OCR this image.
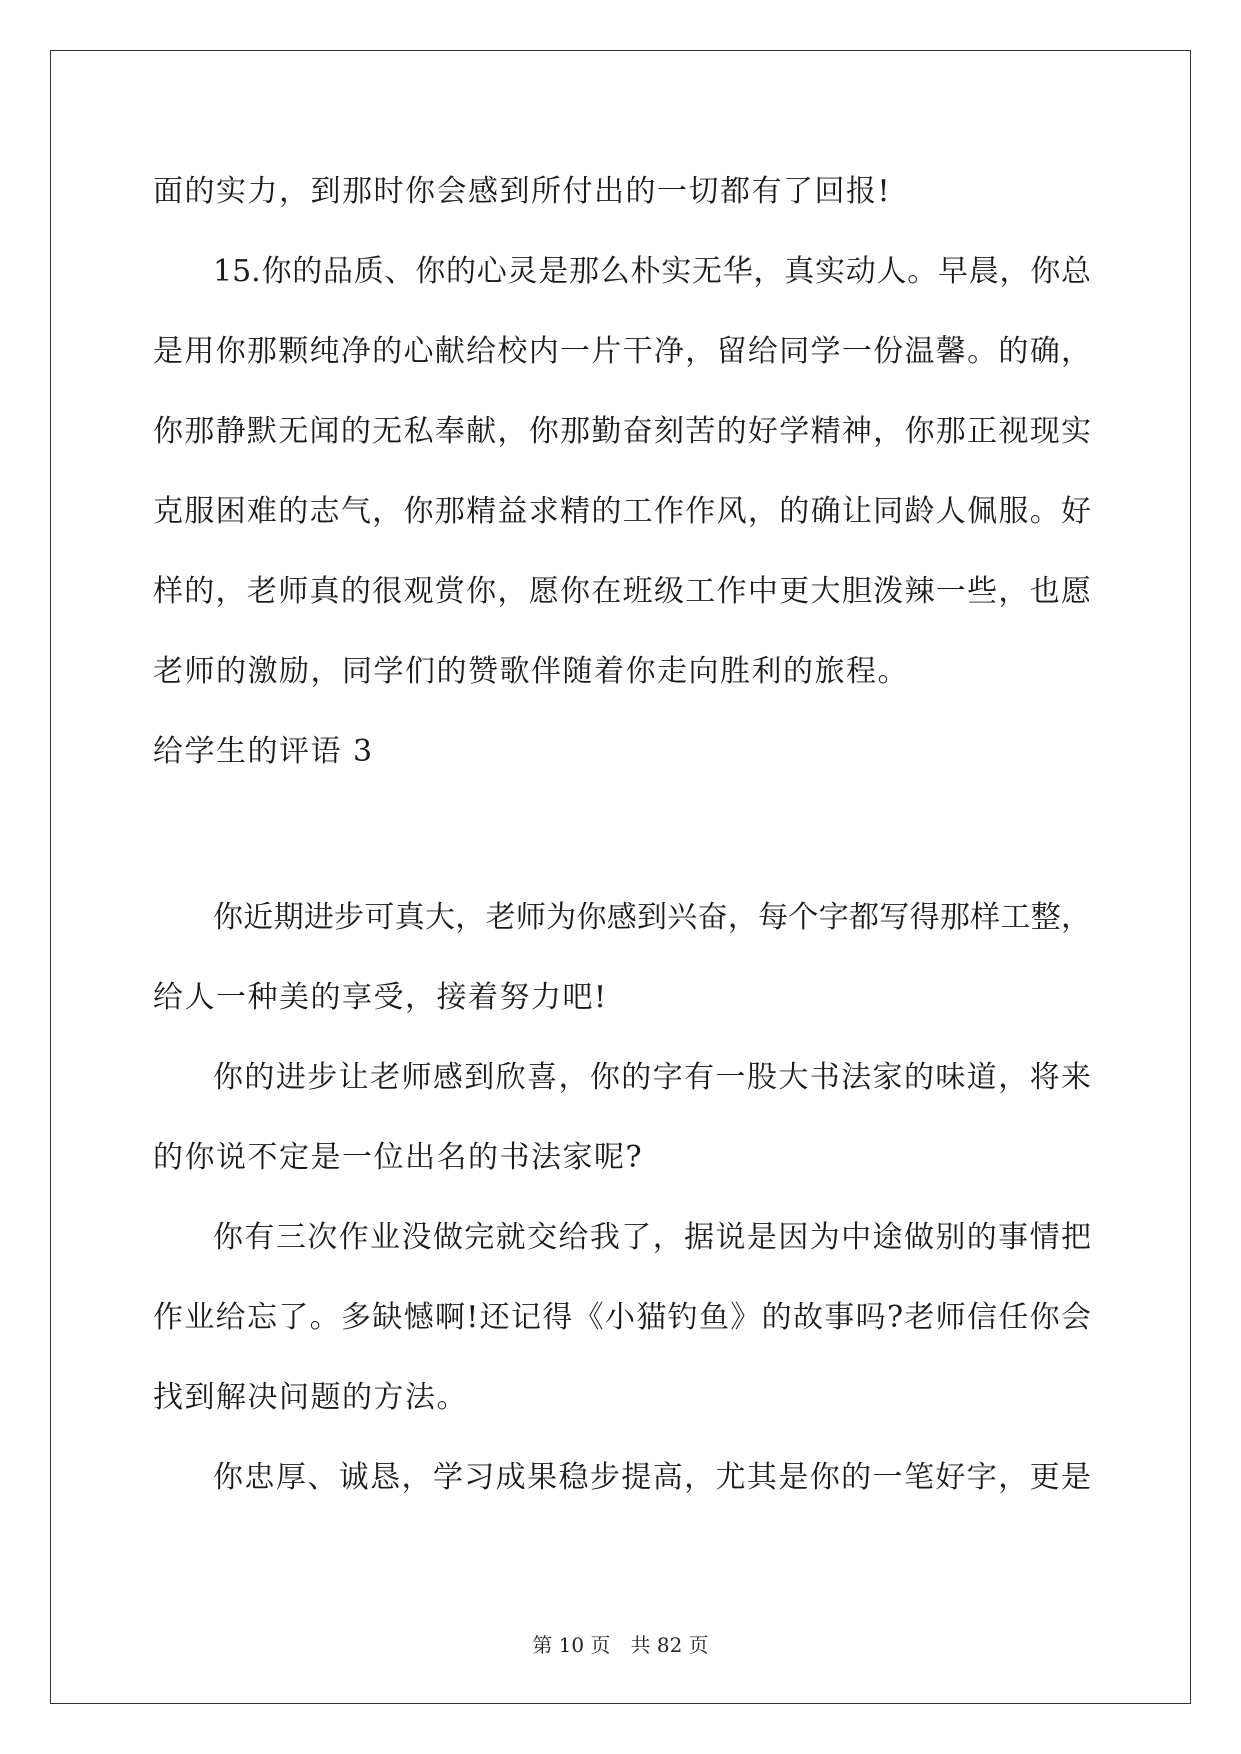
面的实力，到那时你会感到所付出的一切都有了回报!
15.你的品质、你的心灵是那么朴实无华，真实动人。早晨，你总
是用你那颗纯净的心献给校内一片干净，留给同学一份温馨。的确，
你那静默无闻的无私奉献，你那勤奋刻苦的好学精神，你那正视现实
克服困难的志气，你那精益求精的工作作风，的确让同龄人佩服。好
样的，老师真的很观赏你，愿你在班级工作中更大胆泼辣一些，也愿
老师的激励，同学们的赞歌伴随着你走向胜利的旅程。
给学生的评语 3
你近期进步可真大，老师为你感到兴奋，每个字都写得那样工整，
给人一种美的享受，接着努力吧!
你的进步让老师感到欣喜，你的字有一股大书法家的味道，将来
的你说不定是一位出名的书法家呢?
你有三次作业没做完就交给我了，据说是因为中途做别的事情把
作业给忘了。多缺憾啊!还记得《小猫钓鱼》的故事吗?老师信任你会
找到解决问题的方法。
你忠厚、诚恳，学习成果稳步提高，尤其是你的一笔好字，更是
第 10 页 共 82 页
